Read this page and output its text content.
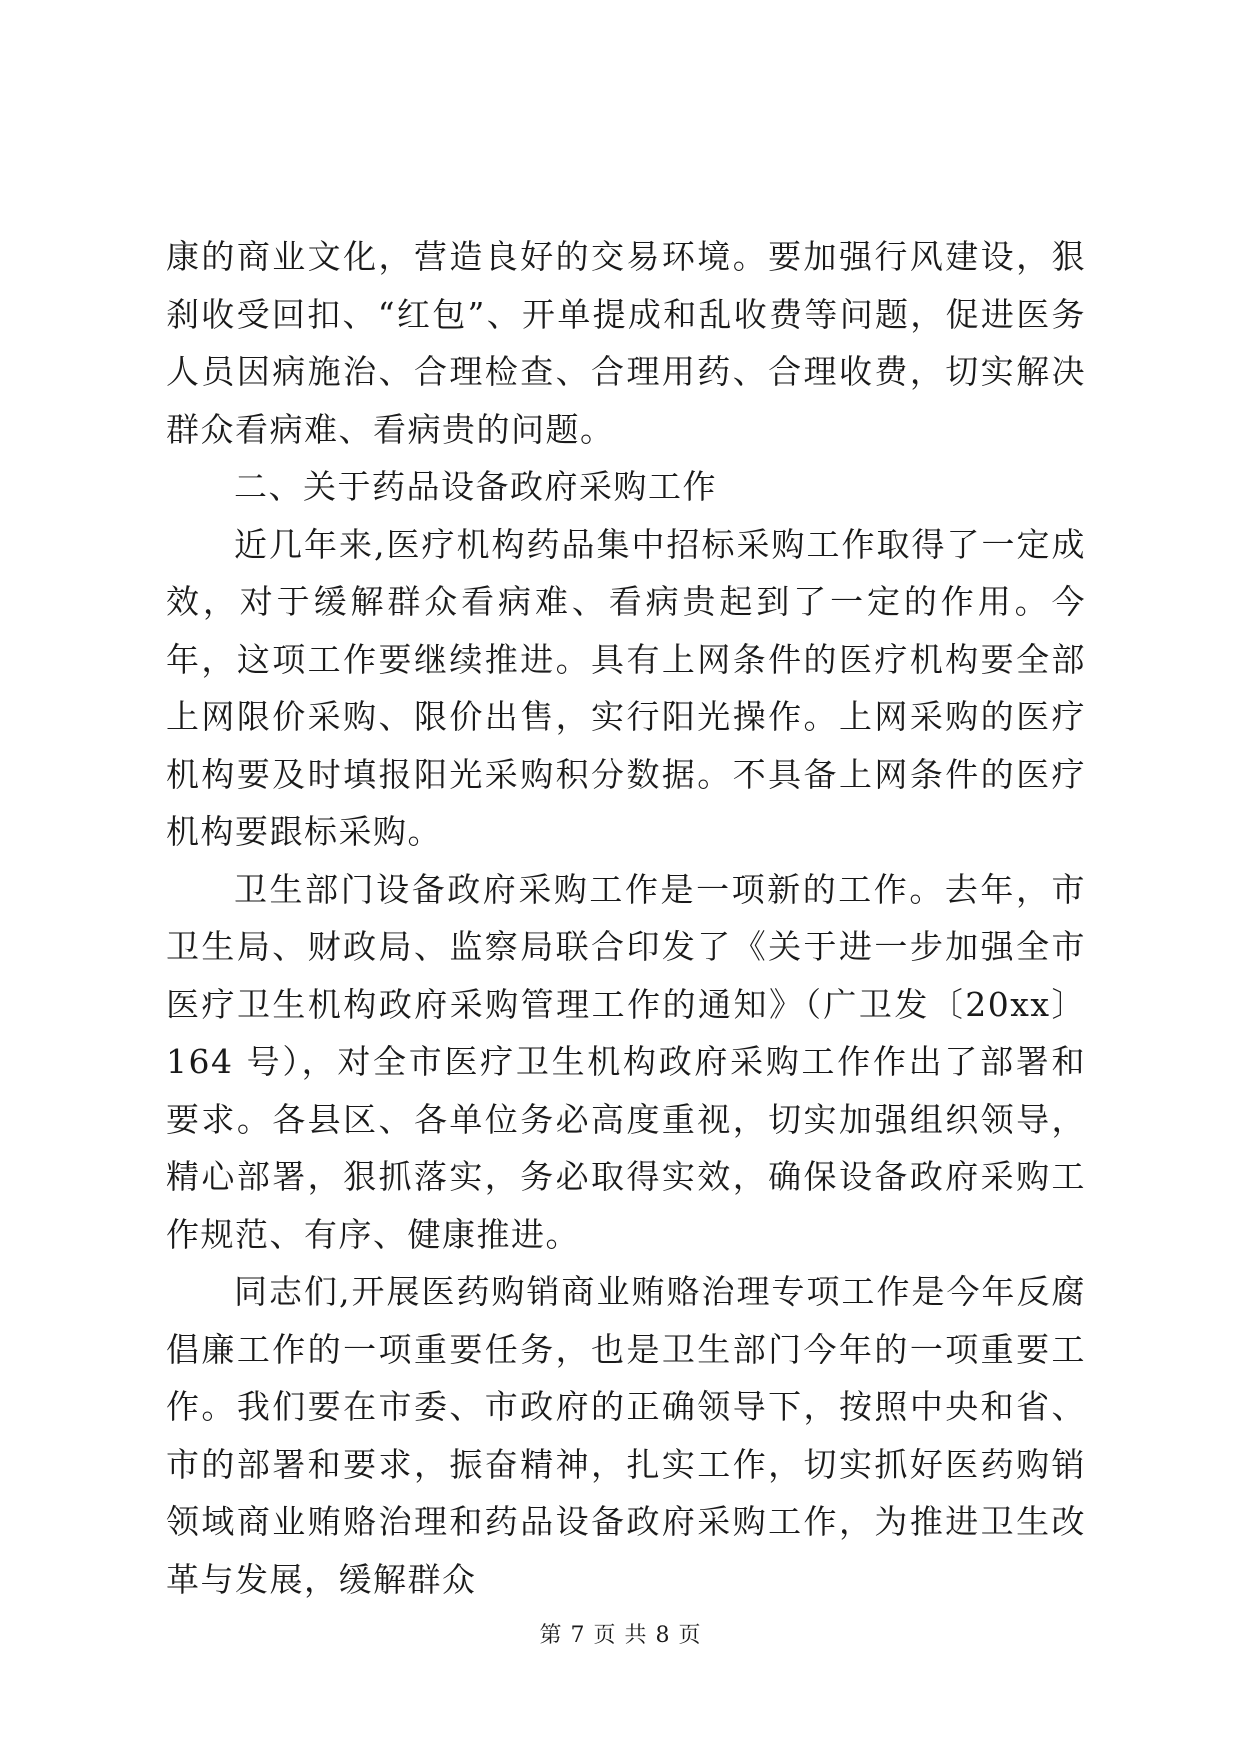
康的商业文化，营造良好的交易环境。要加强行风建设，狠刹收受回扣、“红包”、开单提成和乱收费等问题，促进医务人员因病施治、合理检查、合理用药、合理收费，切实解决群众看病难、看病贵的问题。

二、关于药品设备政府采购工作

近几年来,医疗机构药品集中招标采购工作取得了一定成效，对于缓解群众看病难、看病贵起到了一定的作用。今年，这项工作要继续推进。具有上网条件的医疗机构要全部上网限价采购、限价出售，实行阳光操作。上网采购的医疗机构要及时填报阳光采购积分数据。不具备上网条件的医疗机构要跟标采购。

卫生部门设备政府采购工作是一项新的工作。去年，市卫生局、财政局、监察局联合印发了《关于进一步加强全市医疗卫生机构政府采购管理工作的通知》（广卫发〔20xx〕164 号），对全市医疗卫生机构政府采购工作作出了部署和要求。各县区、各单位务必高度重视，切实加强组织领导，精心部署，狠抓落实，务必取得实效，确保设备政府采购工作规范、有序、健康推进。

同志们,开展医药购销商业贿赂治理专项工作是今年反腐倡廉工作的一项重要任务，也是卫生部门今年的一项重要工作。我们要在市委、市政府的正确领导下，按照中央和省、市的部署和要求，振奋精神，扎实工作，切实抓好医药购销领域商业贿赂治理和药品设备政府采购工作，为推进卫生改革与发展，缓解群众

第 7 页 共 8 页
